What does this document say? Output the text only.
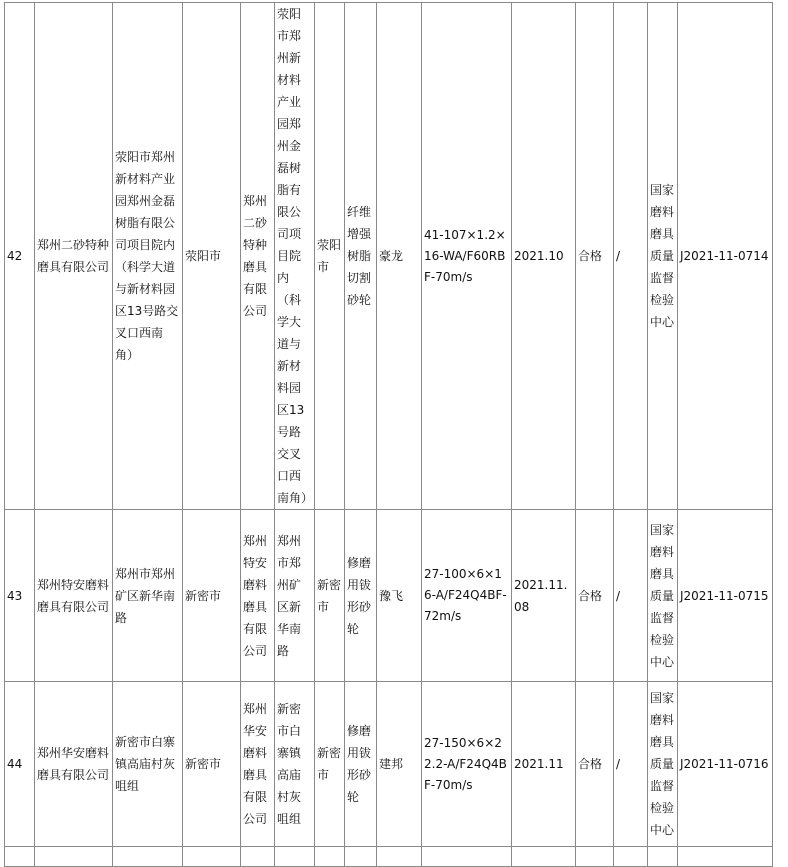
42	郑州二砂特种磨具有限公司	荥阳市郑州新材料产业园郑州金磊树脂有限公司项目院内（科学大道与新材料园区13号路交叉口西南角）	荥阳市	郑州二砂特种磨具有限公司	荥阳市郑州新材料产业园郑州金磊树脂有限公司项目院内（科学大道与新材料园区13号路交叉口西南角）	荥阳市	纤维增强树脂切割砂轮	豪龙	41-107×1.2×16-WA/F60RBF-70m/s	2021.10	合格	/	国家磨料磨具质量监督检验中心	J2021-11-0714
43	郑州特安磨料磨具有限公司	郑州市郑州矿区新华南路	新密市	郑州特安磨料磨具有限公司	郑州市郑州矿区新华南路	新密市	修磨用钹形砂轮	豫飞	27-100×6×16-A/F24Q4BF-72m/s	2021.11.08	合格	/	国家磨料磨具质量监督检验中心	J2021-11-0715
44	郑州华安磨料磨具有限公司	新密市白寨镇高庙村灰咀组	新密市	郑州华安磨料磨具有限公司	新密市白寨镇高庙村灰咀组	新密市	修磨用钹形砂轮	建邦	27-150×6×22.2-A/F24Q4BF-70m/s	2021.11	合格	/	国家磨料磨具质量监督检验中心	J2021-11-0716
